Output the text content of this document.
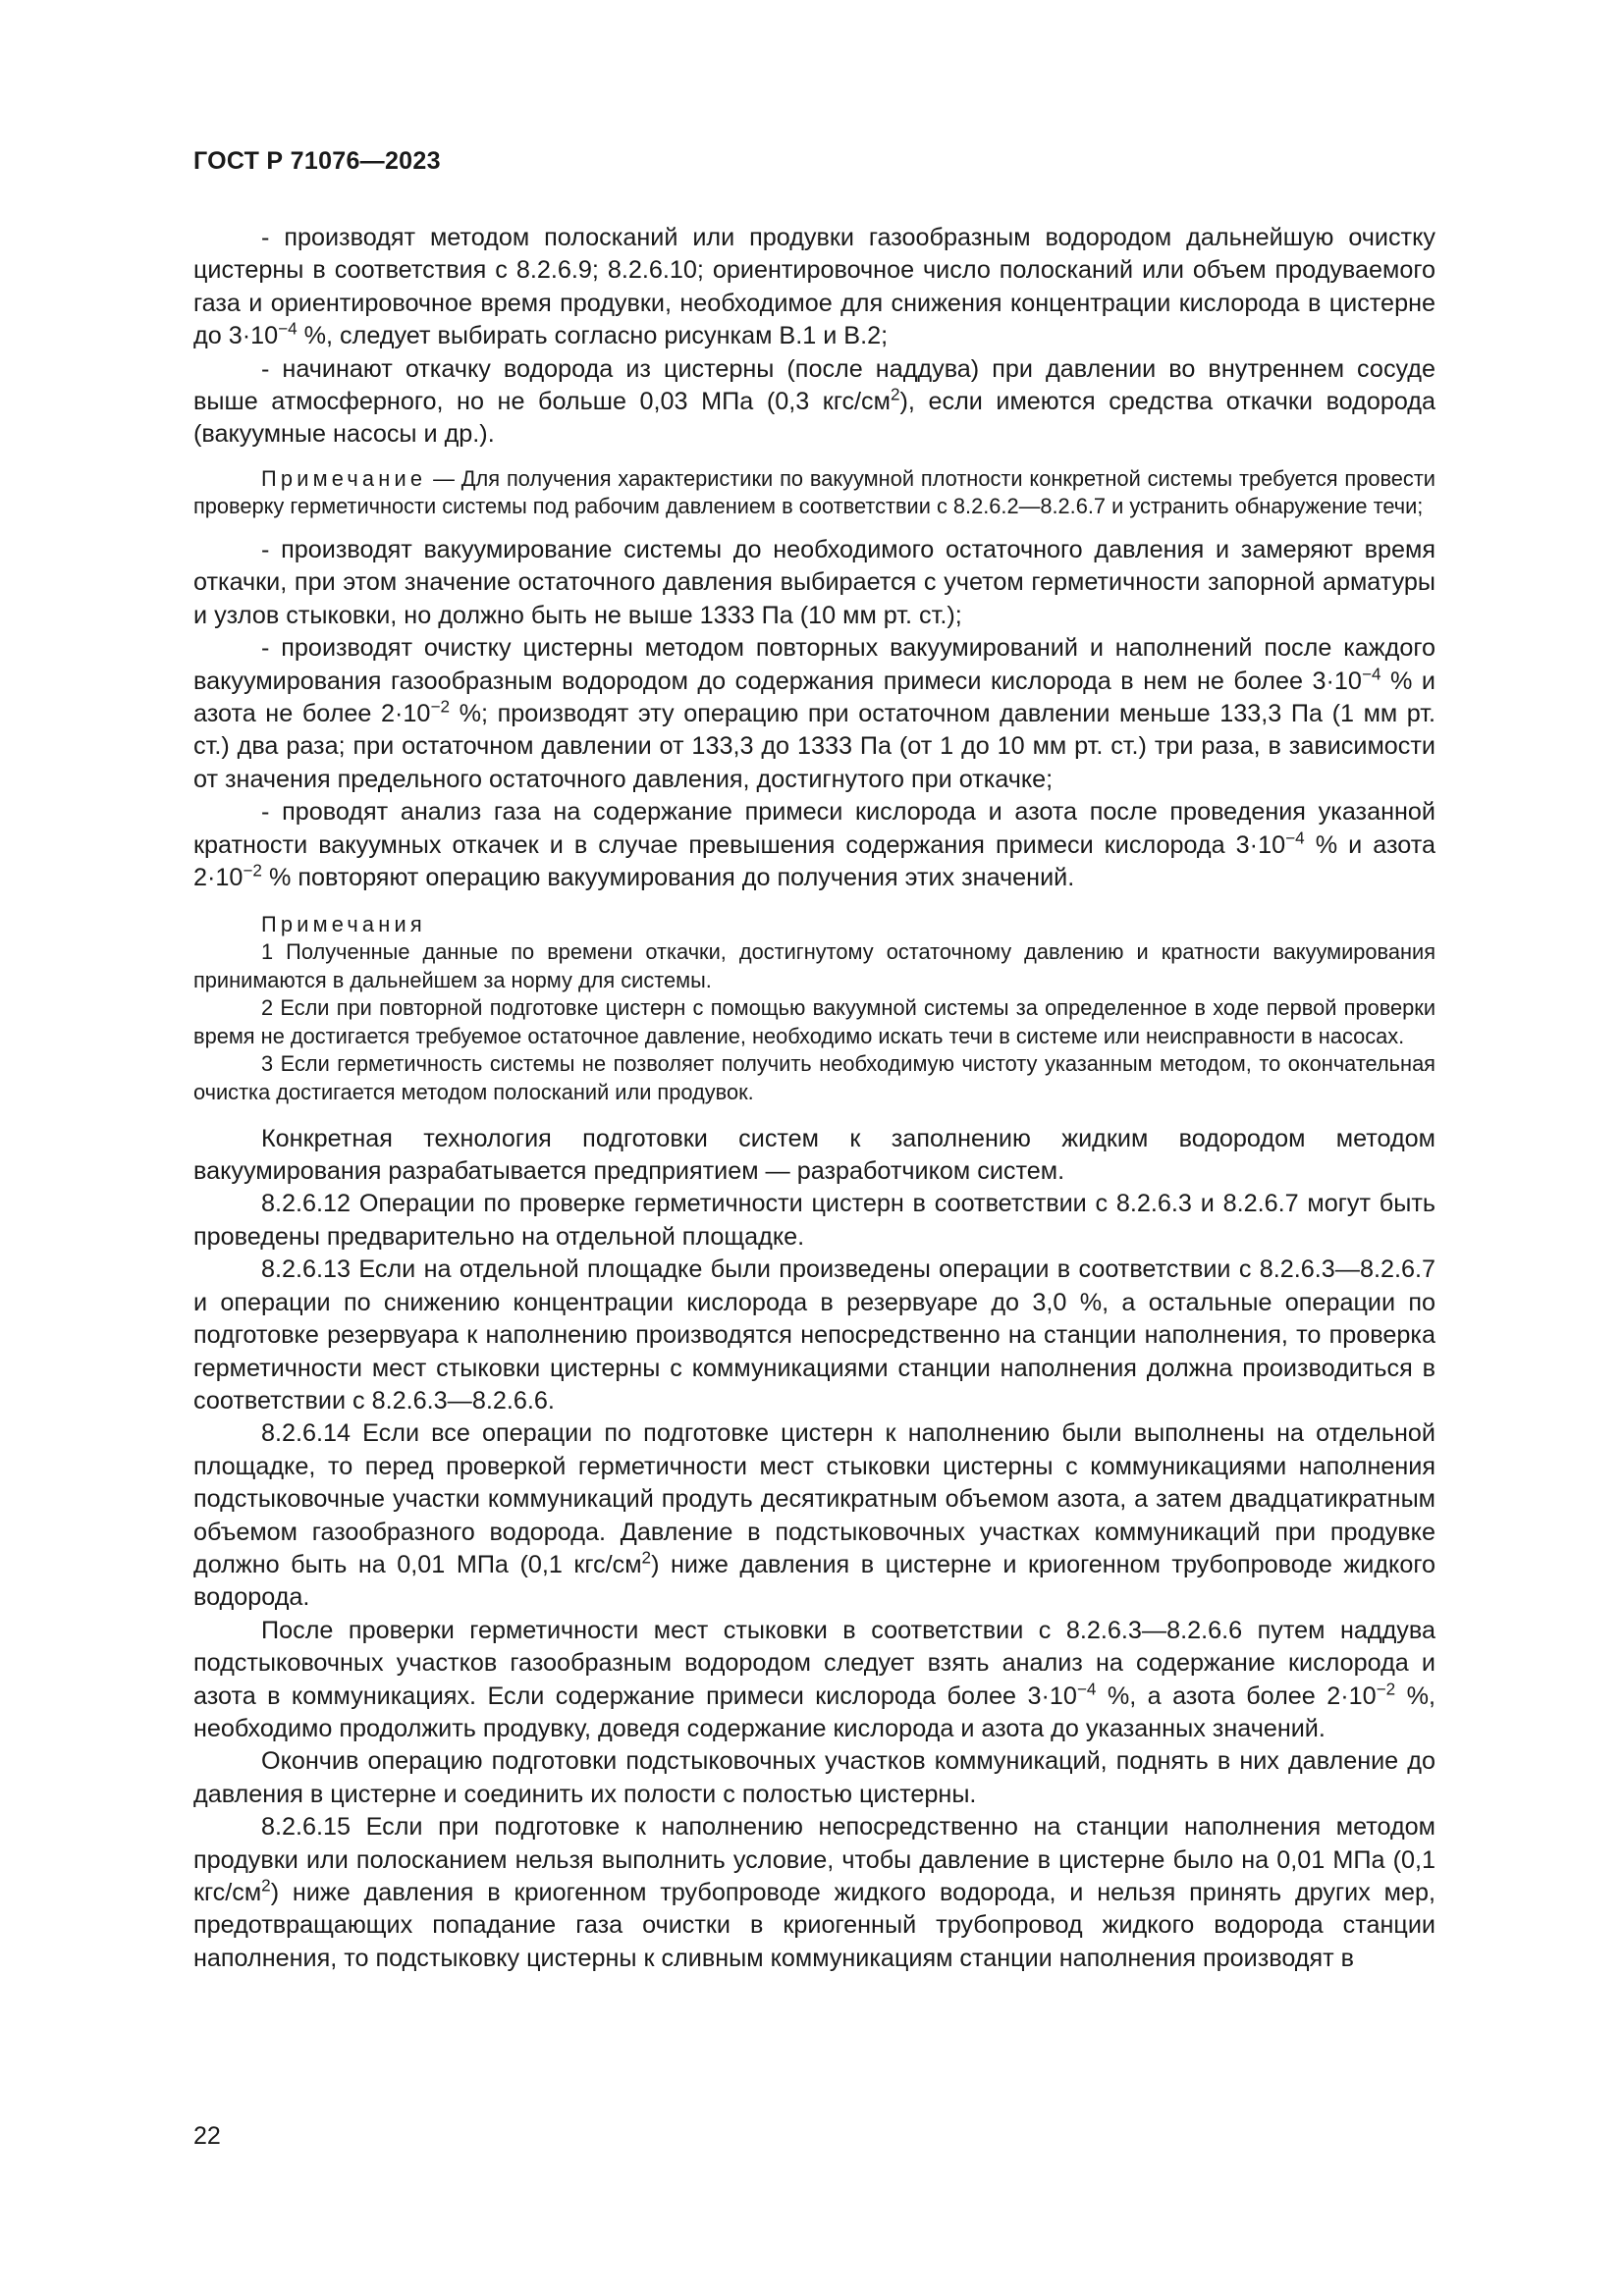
ГОСТ Р 71076—2023

- производят методом полосканий или продувки газообразным водородом дальнейшую очистку цистерны в соответствия с 8.2.6.9; 8.2.6.10; ориентировочное число полосканий или объем продуваемого газа и ориентировочное время продувки, необходимое для снижения концентрации кислорода в цистерне до $3\cdot 10^{-4}$ %, следует выбирать согласно рисункам В.1 и В.2;

- начинают откачку водорода из цистерны (после наддува) при давлении во внутреннем сосуде выше атмосферного, но не больше 0,03 МПа (0,3 кгс/$см^2$), если имеются средства откачки водорода (вакуумные насосы и др.).

Примечание — Для получения характеристики по вакуумной плотности конкретной системы требуется провести проверку герметичности системы под рабочим давлением в соответствии с 8.2.6.2—8.2.6.7 и устранить обнаружение течи;

- производят вакуумирование системы до необходимого остаточного давления и замеряют время откачки, при этом значение остаточного давления выбирается с учетом герметичности запорной арматуры и узлов стыковки, но должно быть не выше 1333 Па (10 мм рт. ст.);

- производят очистку цистерны методом повторных вакуумирований и наполнений после каждого вакуумирования газообразным водородом до содержания примеси кислорода в нем не более $3\cdot 10^{-4}$ % и азота не более $2\cdot 10^{-2}$ %; производят эту операцию при остаточном давлении меньше 133,3 Па (1 мм рт. ст.) два раза; при остаточном давлении от 133,3 до 1333 Па (от 1 до 10 мм рт. ст.) три раза, в зависимости от значения предельного остаточного давления, достигнутого при откачке;

- проводят анализ газа на содержание примеси кислорода и азота после проведения указанной кратности вакуумных откачек и в случае превышения содержания примеси кислорода $3\cdot 10^{-4}$ % и азота $2\cdot 10^{-2}$ % повторяют операцию вакуумирования до получения этих значений.

Примечания

1 Полученные данные по времени откачки, достигнутому остаточному давлению и кратности вакуумирования принимаются в дальнейшем за норму для системы.

2 Если при повторной подготовке цистерн с помощью вакуумной системы за определенное в ходе первой проверки время не достигается требуемое остаточное давление, необходимо искать течи в системе или неисправности в насосах.

3 Если герметичность системы не позволяет получить необходимую чистоту указанным методом, то окончательная очистка достигается методом полосканий или продувок.

Конкретная технология подготовки систем к заполнению жидким водородом методом вакуумирования разрабатывается предприятием — разработчиком систем.

8.2.6.12 Операции по проверке герметичности цистерн в соответствии с 8.2.6.3 и 8.2.6.7 могут быть проведены предварительно на отдельной площадке.

8.2.6.13 Если на отдельной площадке были произведены операции в соответствии с 8.2.6.3—8.2.6.7 и операции по снижению концентрации кислорода в резервуаре до 3,0 %, а остальные операции по подготовке резервуара к наполнению производятся непосредственно на станции наполнения, то проверка герметичности мест стыковки цистерны с коммуникациями станции наполнения должна производиться в соответствии с 8.2.6.3—8.2.6.6.

8.2.6.14 Если все операции по подготовке цистерн к наполнению были выполнены на отдельной площадке, то перед проверкой герметичности мест стыковки цистерны с коммуникациями наполнения подстыковочные участки коммуникаций продуть десятикратным объемом азота, а затем двадцатикратным объемом газообразного водорода. Давление в подстыковочных участках коммуникаций при продувке должно быть на 0,01 МПа (0,1 кгс/$см^2$) ниже давления в цистерне и криогенном трубопроводе жидкого водорода.

После проверки герметичности мест стыковки в соответствии с 8.2.6.3—8.2.6.6 путем наддува подстыковочных участков газообразным водородом следует взять анализ на содержание кислорода и азота в коммуникациях. Если содержание примеси кислорода более $3\cdot 10^{-4}$ %, а азота более $2\cdot 10^{-2}$ %, необходимо продолжить продувку, доведя содержание кислорода и азота до указанных значений.

Окончив операцию подготовки подстыковочных участков коммуникаций, поднять в них давление до давления в цистерне и соединить их полости с полостью цистерны.

8.2.6.15 Если при подготовке к наполнению непосредственно на станции наполнения методом продувки или полосканием нельзя выполнить условие, чтобы давление в цистерне было на 0,01 МПа (0,1 кгс/$см^2$) ниже давления в криогенном трубопроводе жидкого водорода, и нельзя принять других мер, предотвращающих попадание газа очистки в криогенный трубопровод жидкого водорода станции наполнения, то подстыковку цистерны к сливным коммуникациям станции наполнения производят в

22
